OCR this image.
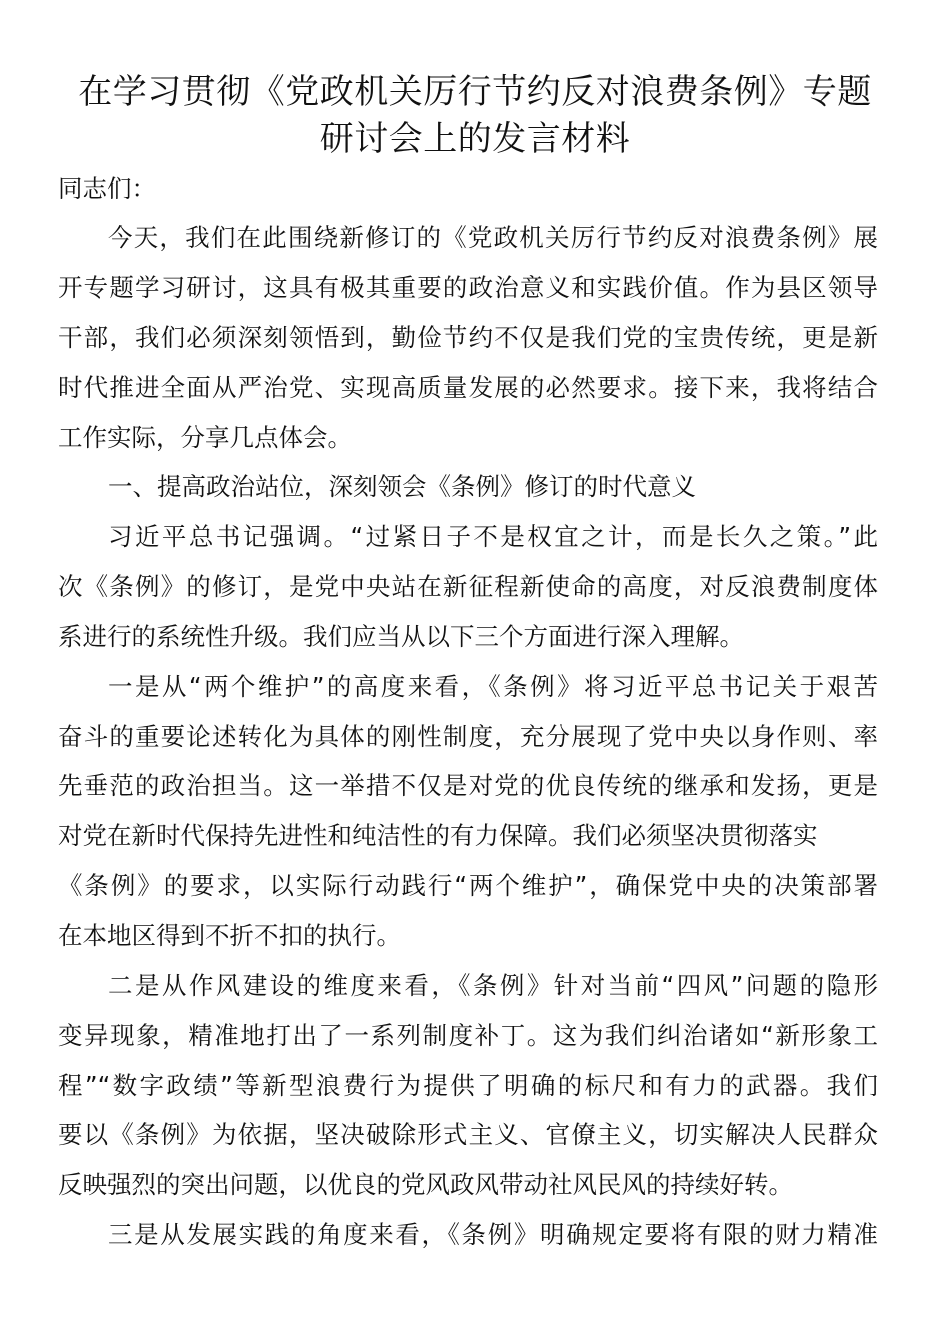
在学习贯彻《党政机关厉行节约反对浪费条例》专题
研讨会上的发言材料

同志们：

今天，我们在此围绕新修订的《党政机关厉行节约反对浪费条例》展

开专题学习研讨，这具有极其重要的政治意义和实践价值。作为县区领导

干部，我们必须深刻领悟到，勤俭节约不仅是我们党的宝贵传统，更是新

时代推进全面从严治党、实现高质量发展的必然要求。接下来，我将结合

工作实际，分享几点体会。

一、提高政治站位，深刻领会《条例》修订的时代意义

习近平总书记强调。“过紧日子不是权宜之计，而是长久之策。”此

次《条例》的修订，是党中央站在新征程新使命的高度，对反浪费制度体

系进行的系统性升级。我们应当从以下三个方面进行深入理解。

一是从“两个维护”的高度来看，《条例》将习近平总书记关于艰苦

奋斗的重要论述转化为具体的刚性制度，充分展现了党中央以身作则、率

先垂范的政治担当。这一举措不仅是对党的优良传统的继承和发扬，更是

对党在新时代保持先进性和纯洁性的有力保障。我们必须坚决贯彻落实

《条例》的要求，以实际行动践行“两个维护”，确保党中央的决策部署

在本地区得到不折不扣的执行。

二是从作风建设的维度来看，《条例》针对当前“四风”问题的隐形

变异现象，精准地打出了一系列制度补丁。这为我们纠治诸如“新形象工

程”“数字政绩”等新型浪费行为提供了明确的标尺和有力的武器。我们

要以《条例》为依据，坚决破除形式主义、官僚主义，切实解决人民群众

反映强烈的突出问题，以优良的党风政风带动社风民风的持续好转。

三是从发展实践的角度来看，《条例》明确规定要将有限的财力精准
